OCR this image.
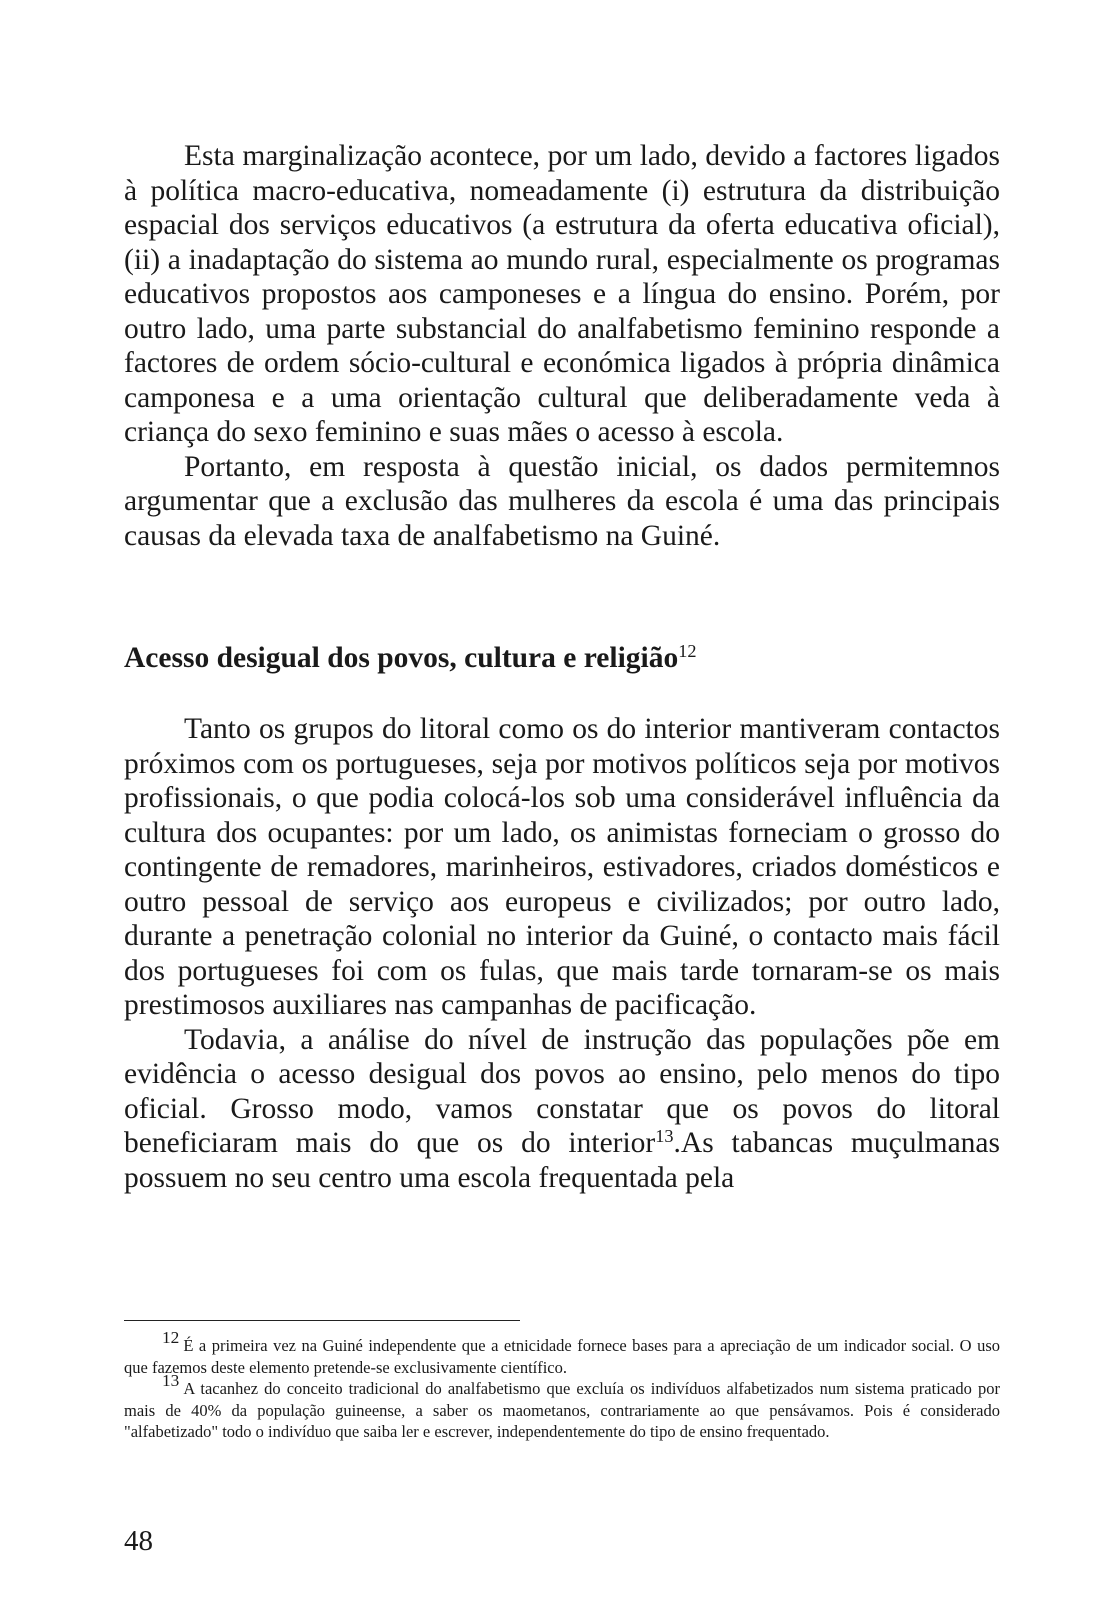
Esta marginalização acontece, por um lado, devido a factores ligados à política macro-educativa, nomeadamente (i) estrutura da distribuição espacial dos serviços educativos (a estrutura da oferta educativa oficial), (ii) a inadaptação do sistema ao mundo rural, especialmente os programas educativos propostos aos camponeses e a língua do ensino. Porém, por outro lado, uma parte substancial do analfabetismo feminino responde a factores de ordem sócio-cultural e económica ligados à própria dinâmica camponesa e a uma orientação cultural que deliberadamente veda à criança do sexo feminino e suas mães o acesso à escola.

Portanto, em resposta à questão inicial, os dados permitemnos argumentar que a exclusão das mulheres da escola é uma das principais causas da elevada taxa de analfabetismo na Guiné.

Acesso desigual dos povos, cultura e religião$^{12}$

Tanto os grupos do litoral como os do interior mantiveram contactos próximos com os portugueses, seja por motivos políticos seja por motivos profissionais, o que podia colocá-los sob uma considerável influência da cultura dos ocupantes: por um lado, os animistas forneciam o grosso do contingente de remadores, marinheiros, estivadores, criados domésticos e outro pessoal de serviço aos europeus e civilizados; por outro lado, durante a penetração colonial no interior da Guiné, o contacto mais fácil dos portugueses foi com os fulas, que mais tarde tornaram-se os mais prestimosos auxiliares nas campanhas de pacificação.

Todavia, a análise do nível de instrução das populações põe em evidência o acesso desigual dos povos ao ensino, pelo menos do tipo oficial. Grosso modo, vamos constatar que os povos do litoral beneficiaram mais do que os do interior$^{13}$.As tabancas muçulmanas possuem no seu centro uma escola frequentada pela

$^{12}$ É a primeira vez na Guiné independente que a etnicidade fornece bases para a apreciação de um indicador social. O uso que fazemos deste elemento pretende-se exclusivamente científico.

$^{13}$ A tacanhez do conceito tradicional do analfabetismo que excluía os indivíduos alfabetizados num sistema praticado por mais de 40% da população guineense, a saber os maometanos, contrariamente ao que pensávamos. Pois é considerado "alfabetizado" todo o indivíduo que saiba ler e escrever, independentemente do tipo de ensino frequentado.

48
